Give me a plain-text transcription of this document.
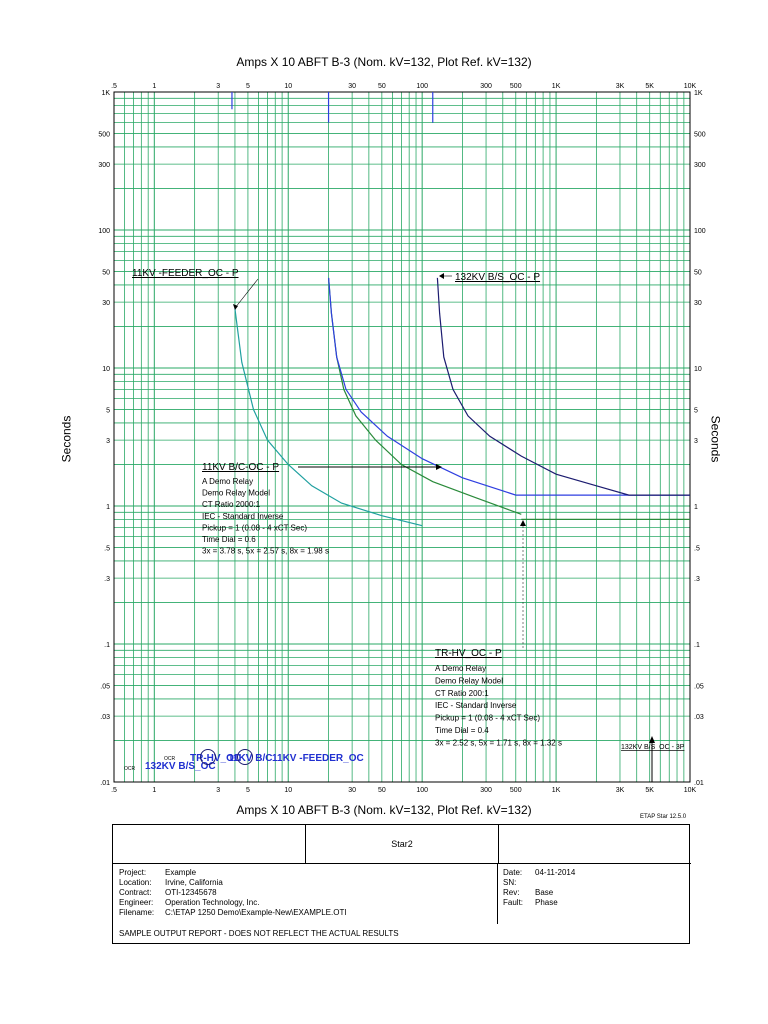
Amps X 10 ABFT B-3 (Nom. kV=132, Plot Ref. kV=132)
Amps X 10 ABFT B-3 (Nom. kV=132, Plot Ref. kV=132)
Seconds	Seconds
ETAP Star 12.5.0
.5
.5
1
1
3
3
5
5
10
10
30
30
50
50
100
100
300
300
500
500
1K
1K
3K
3K
5K
5K
10K
10K
1K	1K
500	500
300	300
100	100
50	50
30	30
10	10
5	5
3	3
1	1
.5	.5
.3	.3
.1	.1
.05	.05
.03	.03
.01	.01
11KV -FEEDER_OC - P	132KV B/S_OC - P
11KV B/C-OC - P
A Demo Relay
Demo Relay Model
CT Ratio 2000:1
IEC - Standard Inverse
Pickup = 1 (0.08 - 4 xCT Sec)
Time Dial = 0.6
3x = 3.78 s, 5x = 2.57 s, 8x = 1.98 s
TR-HV_OC - P
A Demo Relay
Demo Relay Model
CT Ratio 200:1
IEC - Standard Inverse
Pickup = 1 (0.08 - 4 xCT Sec)
Time Dial = 0.4
3x = 2.52 s, 5x = 1.71 s, 8x = 1.32 s
OCR
OCR
132KV B/S_OC
TR-HV_OC
11KV B/C 11KV -FEEDER_OC
132KV B/S_OC - 3P
Star2
Project: Example
Location: Irvine, California
Contract: OTI-12345678
Engineer: Operation Technology, Inc.
Filename: C:\ETAP 1250 Demo\Example-New\EXAMPLE.OTI
Date: 04-11-2014
SN:
Rev: Base
Fault: Phase
SAMPLE OUTPUT REPORT - DOES NOT REFLECT THE ACTUAL RESULTS
